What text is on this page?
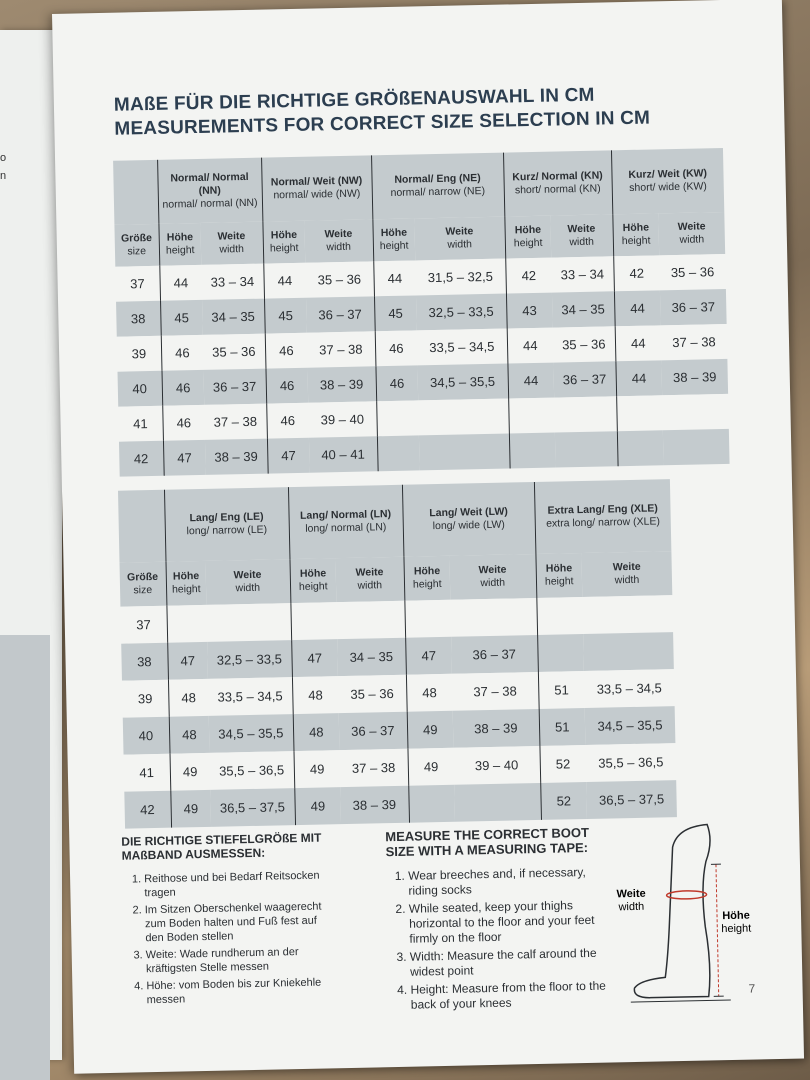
o
n
MAßE FÜR DIE RICHTIGE GRÖßENAUSWAHL IN CM
MEASUREMENTS FOR CORRECT SIZE SELECTION IN CM

	Normal/ Normal (NN)
normal/ normal (NN)		Normal/ Weit (NW)
normal/ wide (NW)		Normal/ Eng (NE)
normal/ narrow (NE)		Kurz/ Normal (KN)
short/ normal (KN)		Kurz/ Weit (KW)
short/ wide (KW)	

Größe
size	Höhe
height	Weite
width	Höhe
height	Weite
width	Höhe
height	Weite
width	Höhe
height	Weite
width	Höhe
height	Weite
width

37	44	33 – 34	44	35 – 36	44	31,5 – 32,5	42	33 – 34	42	35 – 36
38	45	34 – 35	45	36 – 37	45	32,5 – 33,5	43	34 – 35	44	36 – 37
39	46	35 – 36	46	37 – 38	46	33,5 – 34,5	44	35 – 36	44	37 – 38
40	46	36 – 37	46	38 – 39	46	34,5 – 35,5	44	36 – 37	44	38 – 39
41	46	37 – 38	46	39 – 40						
42	47	38 – 39	47	40 – 41						

	Lang/ Eng (LE)
long/ narrow (LE)		Lang/ Normal (LN)
long/ normal (LN)		Lang/ Weit (LW)
long/ wide (LW)		Extra Lang/ Eng (XLE)
extra long/ narrow (XLE)	

Größe
size	Höhe
height	Weite
width	Höhe
height	Weite
width	Höhe
height	Weite
width	Höhe
height	Weite
width

37								
38	47	32,5 – 33,5	47	34 – 35	47	36 – 37		
39	48	33,5 – 34,5	48	35 – 36	48	37 – 38	51	33,5 – 34,5
40	48	34,5 – 35,5	48	36 – 37	49	38 – 39	51	34,5 – 35,5
41	49	35,5 – 36,5	49	37 – 38	49	39 – 40	52	35,5 – 36,5
42	49	36,5 – 37,5	49	38 – 39			52	36,5 – 37,5
DIE RICHTIGE STIEFELGRÖßE MIT MAßBAND AUSMESSEN:
1. Reithose und bei Bedarf Reitsocken tragen
2. Im Sitzen Oberschenkel waagerecht zum Boden halten und Fuß fest auf den Boden stellen
3. Weite: Wade rundherum an der kräftigsten Stelle messen
4. Höhe: vom Boden bis zur Kniekehle messen
MEASURE THE CORRECT BOOT SIZE WITH A MEASURING TAPE:
1. Wear breeches and, if necessary, riding socks
2. While seated, keep your thighs horizontal to the floor and your feet firmly on the floor
3. Width: Measure the calf around the widest point
4. Height: Measure from the floor to the back of your knees
Weite
width
Höhe
height
7
